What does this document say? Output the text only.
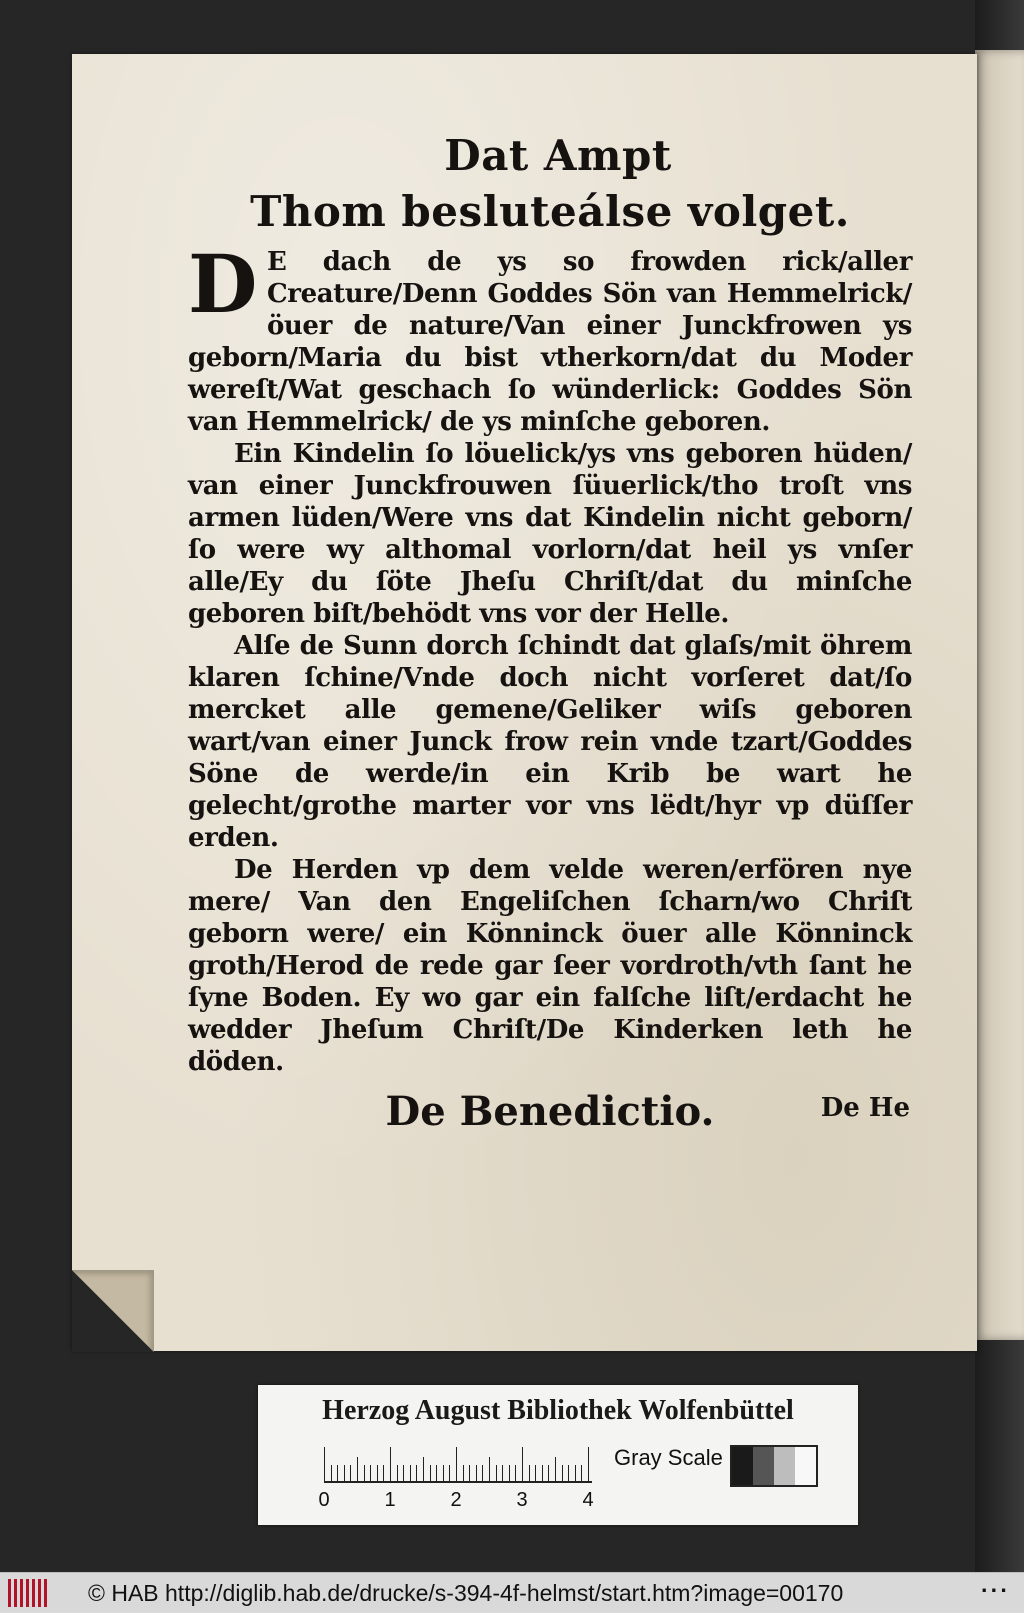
Dat Ampt
Thom besluteálse volget.

D E dach de ys so frowden rick/aller Creature/Denn Goddes Sön van Hemmelrick/ öuer de nature/Van einer Junckfrowen ys geborn/Maria du bist vtherkorn/dat du Moder wereſt/Wat geschach ſo wünderlick: Goddes Sön van Hemmelrick/ de ys minſche geboren.

Ein Kindelin ſo löuelick/ys vns geboren hüden/ van einer Junckfrouwen ſüuerlick/tho troſt vns armen lüden/Were vns dat Kindelin nicht geborn/ſo were wy althomal vorlorn/dat heil ys vnſer alle/Ey du ſöte Jheſu Chriſt/dat du minſche geboren biſt/behödt vns vor der Helle.

Alſe de Sunn dorch ſchindt dat glaſs/mit öhrem klaren ſchine/Vnde doch nicht vorſeret dat/ſo mercket alle gemene/Geliker wiſs geboren wart/van einer Junck frow rein vnde tzart/Goddes Söne de werde/in ein Krib be wart he gelecht/grothe marter vor vns lëdt/hyr vp düſſer erden.

De Herden vp dem velde weren/erfören nye mere/ Van den Engeliſchen ſcharn/wo Chriſt geborn were/ ein Könninck öuer alle Könninck groth/Herod de rede gar ſeer vordroth/vth ſant he ſyne Boden. Ey wo gar ein falſche liſt/erdacht he wedder Jheſum Chriſt/De Kinderken leth he döden.

De Benedictio.	De He
Herzog August Bibliothek Wolfenbüttel
0	1	2	3	4
Gray Scale
© HAB http://diglib.hab.de/drucke/s-394-4f-helmst/start.htm?image=00170	···
